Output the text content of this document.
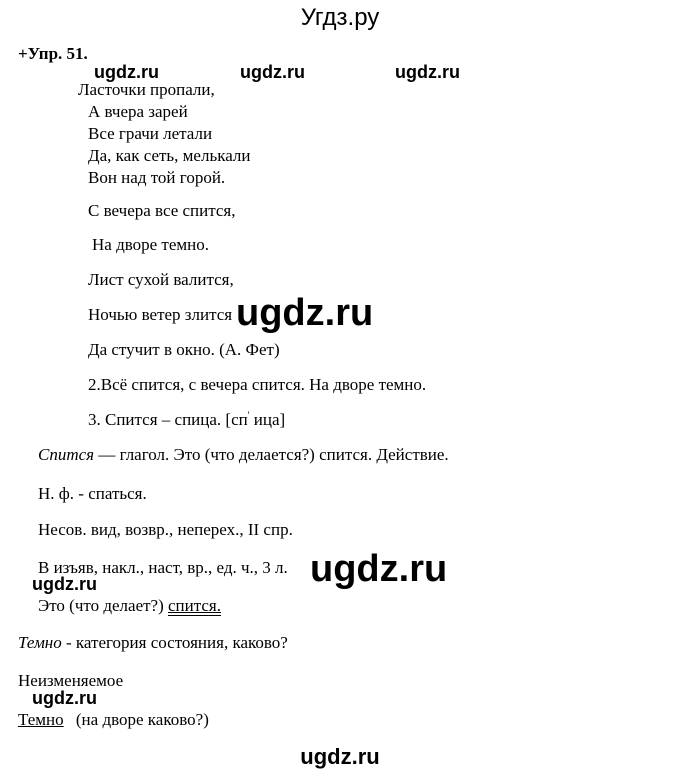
Угдз.ру
+Упр. 51.
ugdz.ru	ugdz.ru	ugdz.ru
Ласточки пропали,
А вчера зарей
Все грачи летали
Да, как сеть, мелькали
Вон над той горой.
С вечера все спится,
На дворе темно.
Лист сухой валится,
Ночью ветер злится ugdz.ru
Да стучит в окно. (А. Фет)
2.Всё спится, с вечера спится. На дворе темно.
3. Спится – спица. [сп' ица]
Спится — глагол. Это (что делается?) спится. Действие.
Н. ф. - спаться.
Несов. вид, возвр., неперех., II спр.
В изъяв, накл., наст, вр., ед. ч., 3 л. ugdz.ru
ugdz.ru
Это (что делает?) спится.
Темно - категория состояния, каково?
Неизменяемое
ugdz.ru
Темно (на дворе каково?)
ugdz.ru
